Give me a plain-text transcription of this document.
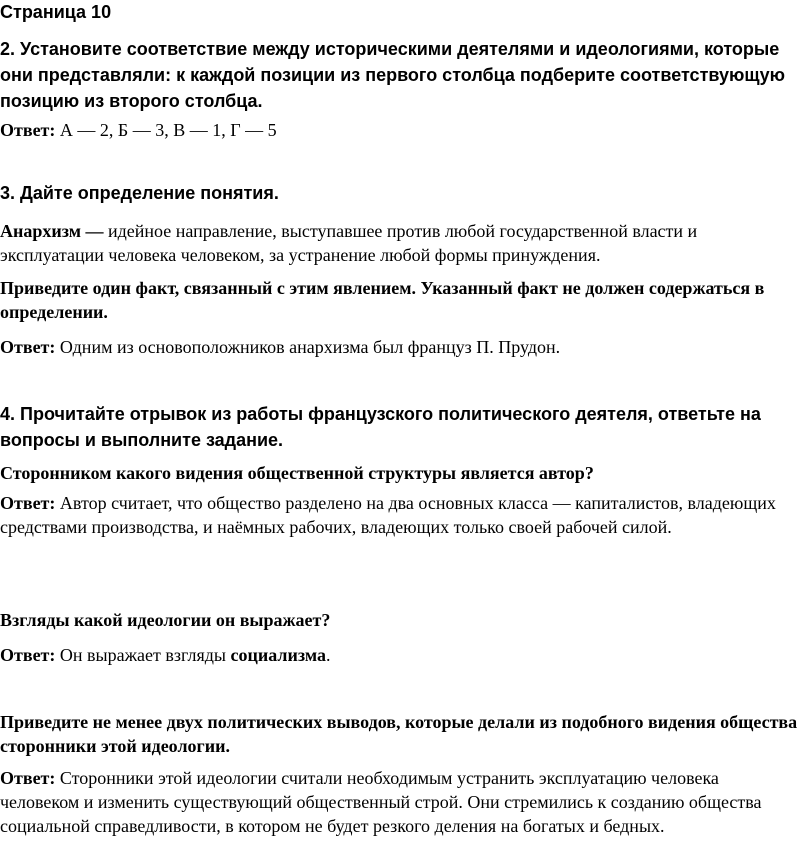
Страница 10
2. Установите соответствие между историческими деятелями и идеологиями, которые они представляли: к каждой позиции из первого столбца подберите соответствующую позицию из второго столбца.
Ответ: А — 2, Б — 3, В — 1, Г — 5
3. Дайте определение понятия.
Анархизм — идейное направление, выступавшее против любой государственной власти и эксплуатации человека человеком, за устранение любой формы принуждения.
Приведите один факт, связанный с этим явлением. Указанный факт не должен содержаться в определении.
Ответ: Одним из основоположников анархизма был француз П. Прудон.
4. Прочитайте отрывок из работы французского политического деятеля, ответьте на вопросы и выполните задание.
Сторонником какого видения общественной структуры является автор?
Ответ: Автор считает, что общество разделено на два основных класса — капиталистов, владеющих средствами производства, и наёмных рабочих, владеющих только своей рабочей силой.
Взгляды какой идеологии он выражает?
Ответ: Он выражает взгляды социализма.
Приведите не менее двух политических выводов, которые делали из подобного видения общества сторонники этой идеологии.
Ответ: Сторонники этой идеологии считали необходимым устранить эксплуатацию человека человеком и изменить существующий общественный строй. Они стремились к созданию общества социальной справедливости, в котором не будет резкого деления на богатых и бедных.
